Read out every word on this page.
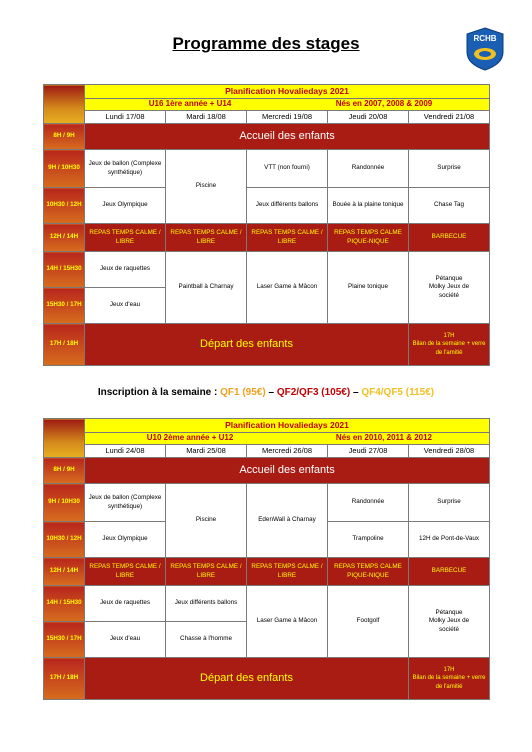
Programme des stages	RCHB
	Planification Hovaliedays 2021				
	U16 1ère année + U14 Nés en 2007, 2008 & 2009				
	Lundi 17/08	Mardi 18/08	Mercredi 19/08	Jeudi 20/08	Vendredi 21/08
8H / 9H	Accueil des enfants				
9H / 10H30	Jeux de ballon (Complexe synthétique)	Piscine	VTT (non fourni)	Randonnée	Surprise
10H30 / 12H	Jeux Olympique		Jeux différents ballons	Bouée à la plaine tonique	Chase Tag
12H / 14H	REPAS TEMPS CALME / LIBRE	REPAS TEMPS CALME / LIBRE	REPAS TEMPS CALME / LIBRE	REPAS TEMPS CALME PIQUE-NIQUE	BARBECUE
14H / 15H30	Jeux de raquettes	Paintball à Charnay	Laser Game à Mâcon	Plaine tonique	Pétanque Molky Jeux de société
15H30 / 17H	Jeux d'eau				
17H / 18H	Départ des enfants				17H
Bilan de la semaine + verre de l'amitié
Inscription à la semaine : QF1 (95€) – QF2/QF3 (105€) – QF4/QF5 (115€)
	Planification Hovaliedays 2021				
	U10 2ème année + U12 Nés en 2010, 2011 & 2012				
	Lundi 24/08	Mardi 25/08	Mercredi 26/08	Jeudi 27/08	Vendredi 28/08
8H / 9H	Accueil des enfants				
9H / 10H30	Jeux de ballon (Complexe synthétique)	Piscine	EdenWall à Charnay	Randonnée	Surprise
10H30 / 12H	Jeux Olympique			Trampoline	12H de Pont-de-Vaux
12H / 14H	REPAS TEMPS CALME / LIBRE	REPAS TEMPS CALME / LIBRE	REPAS TEMPS CALME / LIBRE	REPAS TEMPS CALME PIQUE-NIQUE	BARBECUE
14H / 15H30	Jeux de raquettes	Jeux différents ballons	Laser Game à Mâcon	Footgolf	Pétanque Molky Jeux de société
15H30 / 17H	Jeux d'eau	Chasse à l'homme			
17H / 18H	Départ des enfants				17H
Bilan de la semaine + verre de l'amitié
